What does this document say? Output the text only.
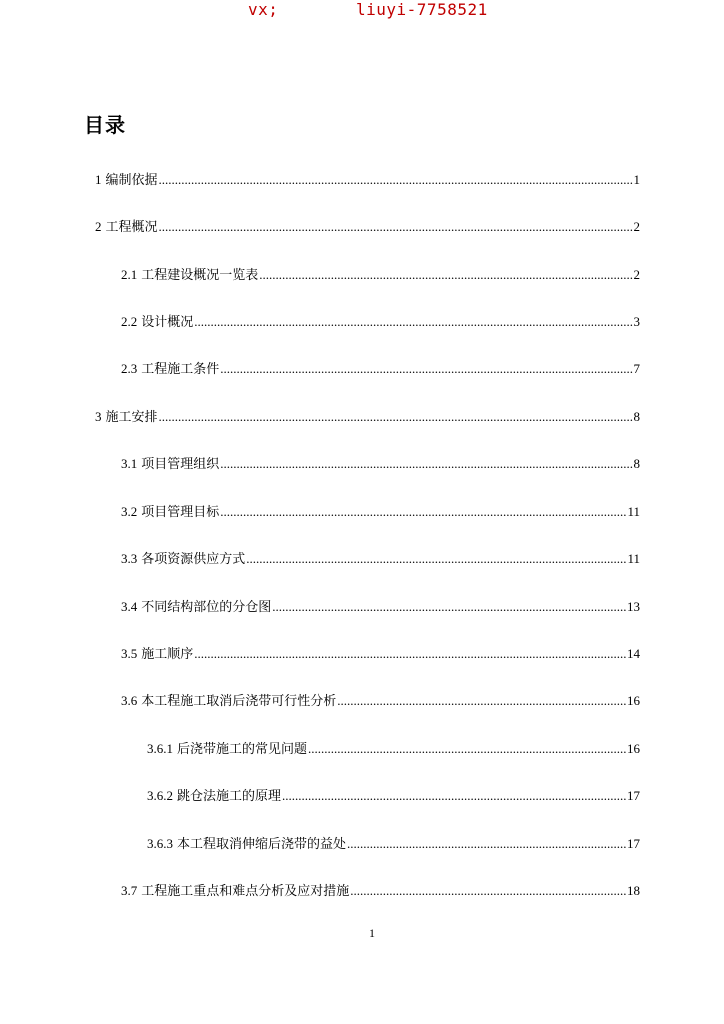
vx;	liuyi-7758521
目录
1 编制依据 .....	1
2 工程概况 .....	2
2.1 工程建设概况一览表 .....	2
2.2 设计概况 .....	3
2.3 工程施工条件 .....	7
3 施工安排 .....	8
3.1 项目管理组织 .....	8
3.2 项目管理目标 .....	11
3.3 各项资源供应方式 .....	11
3.4 不同结构部位的分仓图 .....	13
3.5 施工顺序 .....	14
3.6 本工程施工取消后浇带可行性分析 .....	16
3.6.1 后浇带施工的常见问题 .....	16
3.6.2 跳仓法施工的原理 .....	17
3.6.3 本工程取消伸缩后浇带的益处 .....	17
3.7 工程施工重点和难点分析及应对措施 .....	18
1
